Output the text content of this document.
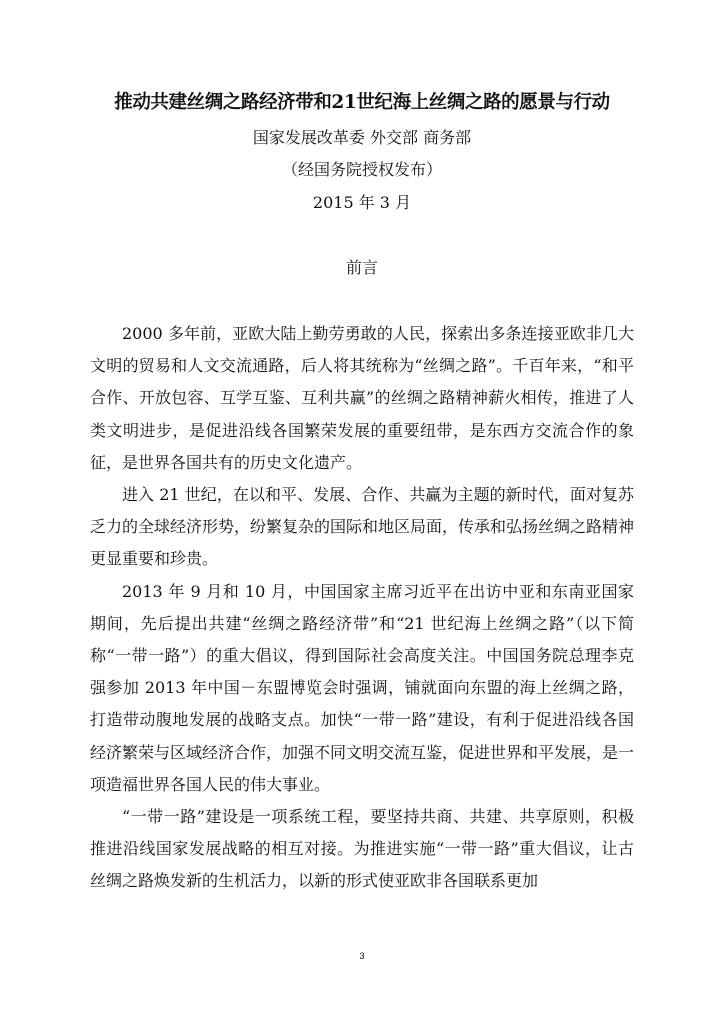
推动共建丝绸之路经济带和21世纪海上丝绸之路的愿景与行动
国家发展改革委 外交部 商务部
（经国务院授权发布）
2015 年 3 月
前言

2000 多年前，亚欧大陆上勤劳勇敢的人民，探索出多条连接亚欧非几大文明的贸易和人文交流通路，后人将其统称为“丝绸之路”。千百年来，“和平合作、开放包容、互学互鉴、互利共赢”的丝绸之路精神薪火相传，推进了人类文明进步，是促进沿线各国繁荣发展的重要纽带，是东西方交流合作的象征，是世界各国共有的历史文化遗产。

进入 21 世纪，在以和平、发展、合作、共赢为主题的新时代，面对复苏乏力的全球经济形势，纷繁复杂的国际和地区局面，传承和弘扬丝绸之路精神更显重要和珍贵。

2013 年 9 月和 10 月，中国国家主席习近平在出访中亚和东南亚国家期间，先后提出共建“丝绸之路经济带”和“21 世纪海上丝绸之路”（以下简称“一带一路”）的重大倡议，得到国际社会高度关注。中国国务院总理李克强参加 2013 年中国－东盟博览会时强调，铺就面向东盟的海上丝绸之路，打造带动腹地发展的战略支点。加快“一带一路”建设，有利于促进沿线各国经济繁荣与区域经济合作，加强不同文明交流互鉴，促进世界和平发展，是一项造福世界各国人民的伟大事业。

“一带一路”建设是一项系统工程，要坚持共商、共建、共享原则，积极推进沿线国家发展战略的相互对接。为推进实施“一带一路”重大倡议，让古丝绸之路焕发新的生机活力，以新的形式使亚欧非各国联系更加

3
